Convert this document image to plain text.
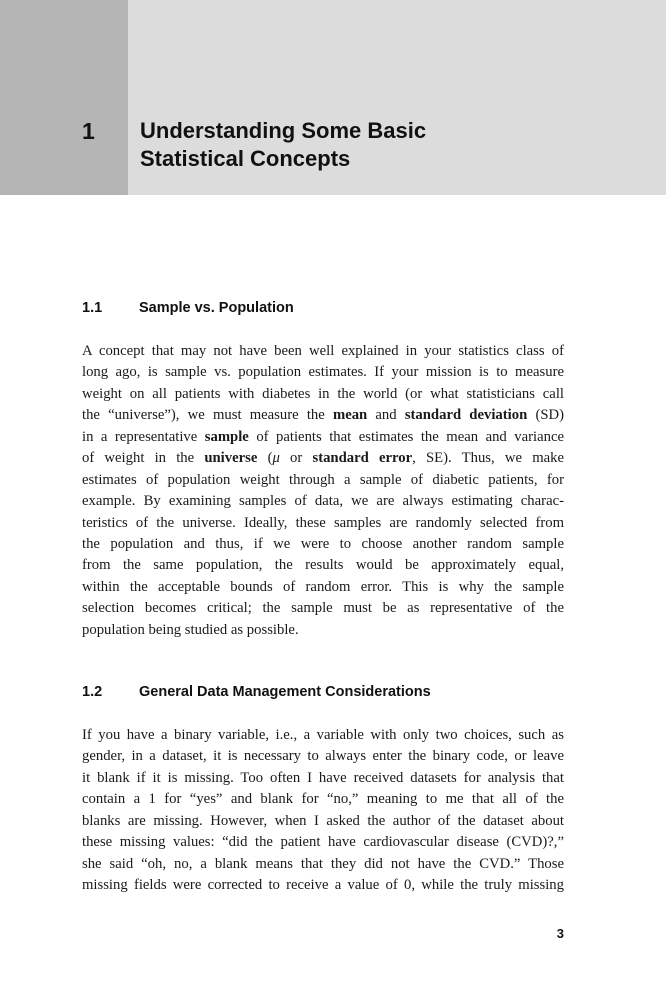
1 Understanding Some Basic
Statistical Concepts
1.1	Sample vs. Population
A concept that may not have been well explained in your statistics class of
long ago, is sample vs. population estimates. If your mission is to measure
weight on all patients with diabetes in the world (or what statisticians call
the “universe”), we must measure the mean and standard deviation (SD)
in a representative sample of patients that estimates the mean and variance
of weight in the universe (μ or standard error, SE). Thus, we make
estimates of population weight through a sample of diabetic patients, for
example. By examining samples of data, we are always estimating charac-
teristics of the universe. Ideally, these samples are randomly selected from
the population and thus, if we were to choose another random sample
from the same population, the results would be approximately equal,
within the acceptable bounds of random error. This is why the sample
selection becomes critical; the sample must be as representative of the
population being studied as possible.
1.2	General Data Management Considerations
If you have a binary variable, i.e., a variable with only two choices, such as
gender, in a dataset, it is necessary to always enter the binary code, or leave
it blank if it is missing. Too often I have received datasets for analysis that
contain a 1 for “yes” and blank for “no,” meaning to me that all of the
blanks are missing. However, when I asked the author of the dataset about
these missing values: “did the patient have cardiovascular disease (CVD)?,”
she said “oh, no, a blank means that they did not have the CVD.” Those
missing fields were corrected to receive a value of 0, while the truly missing
3
